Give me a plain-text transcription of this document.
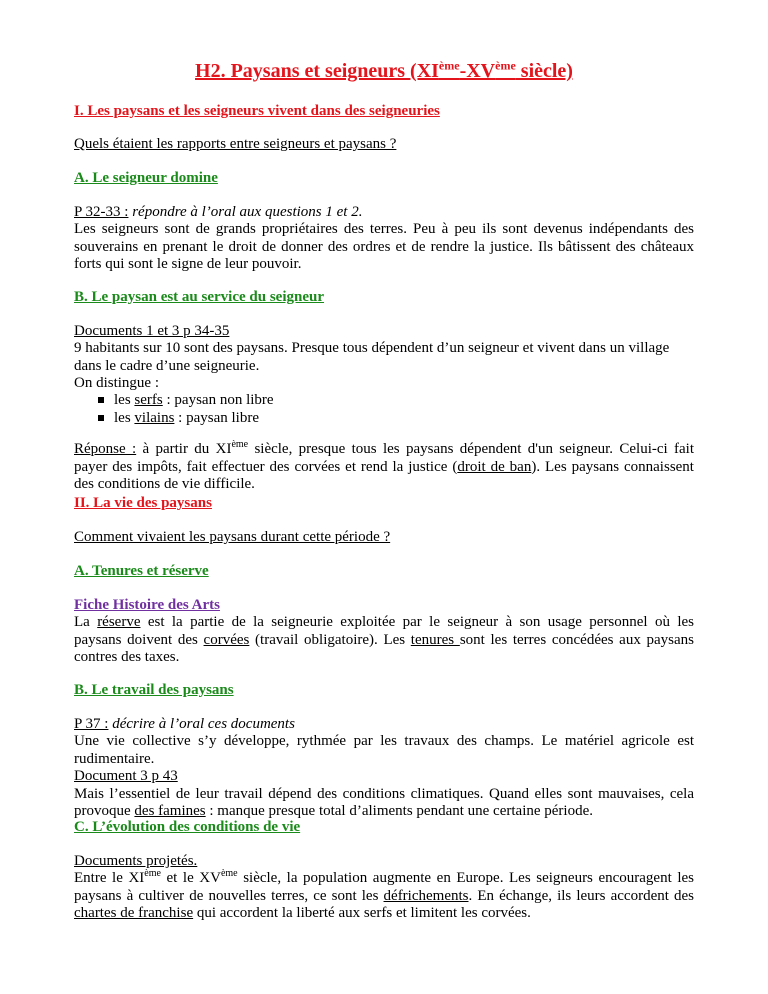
H2. Paysans et seigneurs (XIème-XVème siècle)
I. Les paysans et les seigneurs vivent dans des seigneuries
Quels étaient les rapports entre seigneurs et paysans ?
A. Le seigneur domine
P 32-33 : répondre à l’oral aux questions 1 et 2.

Les seigneurs sont de grands propriétaires des terres. Peu à peu ils sont devenus indépendants des

souverains en prenant le droit de donner des ordres et de rendre la justice. Ils bâtissent des châteaux

forts qui sont le signe de leur pouvoir.

B. Le paysan est au service du seigneur
Documents 1 et 3 p 34-35

9 habitants sur 10 sont des paysans. Presque tous dépendent d’un seigneur et vivent dans un village

dans le cadre d’une seigneurie.

On distingue :

les serfs : paysan non libre
les vilains : paysan libre

Réponse : à partir du XIème siècle, presque tous les paysans dépendent d'un seigneur. Celui-ci fait

payer des impôts, fait effectuer des corvées et rend la justice (droit de ban). Les paysans connaissent

des conditions de vie difficile.

II. La vie des paysans
Comment vivaient les paysans durant cette période ?
A. Tenures et réserve
Fiche Histoire des Arts

La réserve est la partie de la seigneurie exploitée par le seigneur à son usage personnel où les

paysans doivent des corvées (travail obligatoire). Les tenures sont les terres concédées aux paysans

contres des taxes.

B. Le travail des paysans
P 37 : décrire à l’oral ces documents

Une vie collective s’y développe, rythmée par les travaux des champs. Le matériel agricole est

rudimentaire.

Document 3 p 43

Mais l’essentiel de leur travail dépend des conditions climatiques. Quand elles sont mauvaises, cela

provoque des famines : manque presque total d’aliments pendant une certaine période.

C. L’évolution des conditions de vie
Documents projetés.

Entre le XIème et le XVème siècle, la population augmente en Europe. Les seigneurs encouragent les

paysans à cultiver de nouvelles terres, ce sont les défrichements. En échange, ils leurs accordent des

chartes de franchise qui accordent la liberté aux serfs et limitent les corvées.
